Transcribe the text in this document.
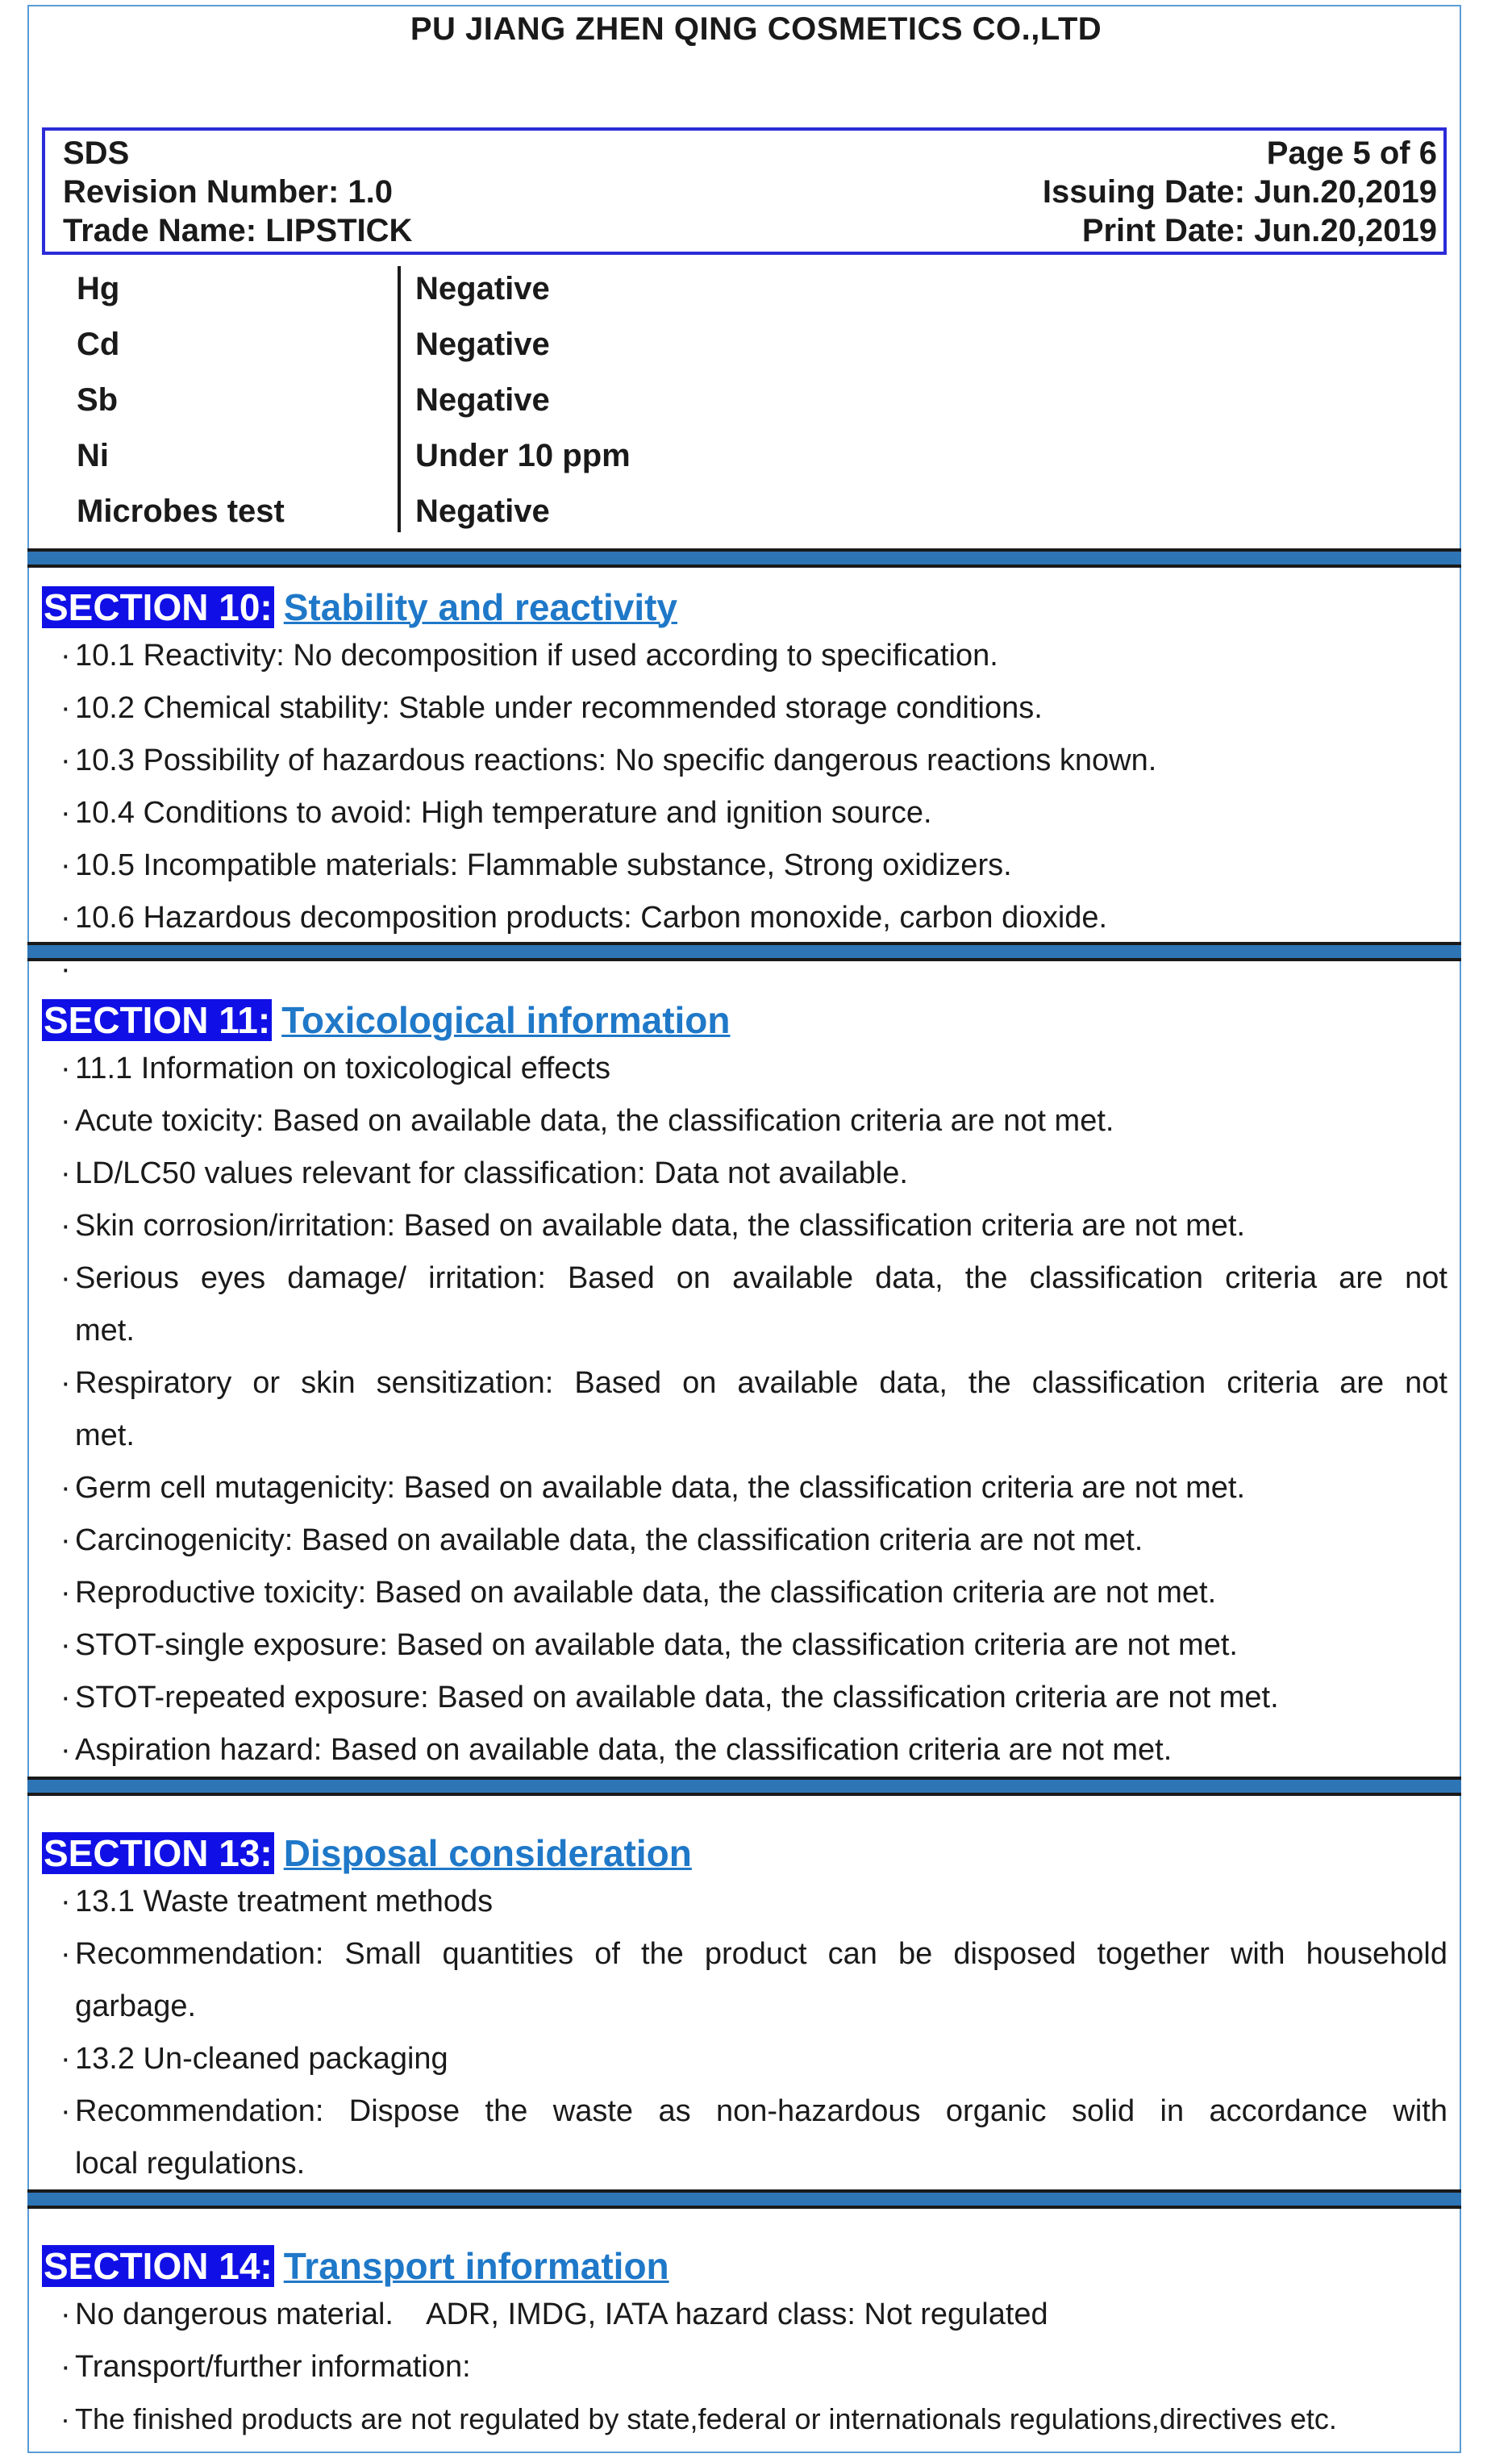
PU JIANG ZHEN QING COSMETICS CO.,LTD
SDS	Page 5 of 6
Revision Number: 1.0	Issuing Date: Jun.20,2019
Trade Name: LIPSTICK	Print Date: Jun.20,2019
Hg	Negative
Cd	Negative
Sb	Negative
Ni	Under 10 ppm
Microbes test	Negative
SECTION 10: Stability and reactivity
· 10.1 Reactivity: No decomposition if used according to specification.
· 10.2 Chemical stability: Stable under recommended storage conditions.
· 10.3 Possibility of hazardous reactions: No specific dangerous reactions known.
· 10.4 Conditions to avoid: High temperature and ignition source.
· 10.5 Incompatible materials: Flammable substance, Strong oxidizers.
· 10.6 Hazardous decomposition products: Carbon monoxide, carbon dioxide.
·
SECTION 11: Toxicological information
· 11.1 Information on toxicological effects
· Acute toxicity: Based on available data, the classification criteria are not met.
· LD/LC50 values relevant for classification: Data not available.
· Skin corrosion/irritation: Based on available data, the classification criteria are not met.
· Serious eyes damage/ irritation: Based on available data, the classification criteria are not
met.
· Respiratory or skin sensitization: Based on available data, the classification criteria are not
met.
· Germ cell mutagenicity: Based on available data, the classification criteria are not met.
· Carcinogenicity: Based on available data, the classification criteria are not met.
· Reproductive toxicity: Based on available data, the classification criteria are not met.
· STOT-single exposure: Based on available data, the classification criteria are not met.
· STOT-repeated exposure: Based on available data, the classification criteria are not met.
· Aspiration hazard: Based on available data, the classification criteria are not met.
SECTION 13: Disposal consideration
· 13.1 Waste treatment methods
· Recommendation: Small quantities of the product can be disposed together with household
garbage.
· 13.2 Un-cleaned packaging
· Recommendation: Dispose the waste as non-hazardous organic solid in accordance with
local regulations.
SECTION 14: Transport information
· No dangerous material.    ADR, IMDG, IATA hazard class: Not regulated
· Transport/further information:
· The finished products are not regulated by state,federal or internationals regulations,directives etc.
